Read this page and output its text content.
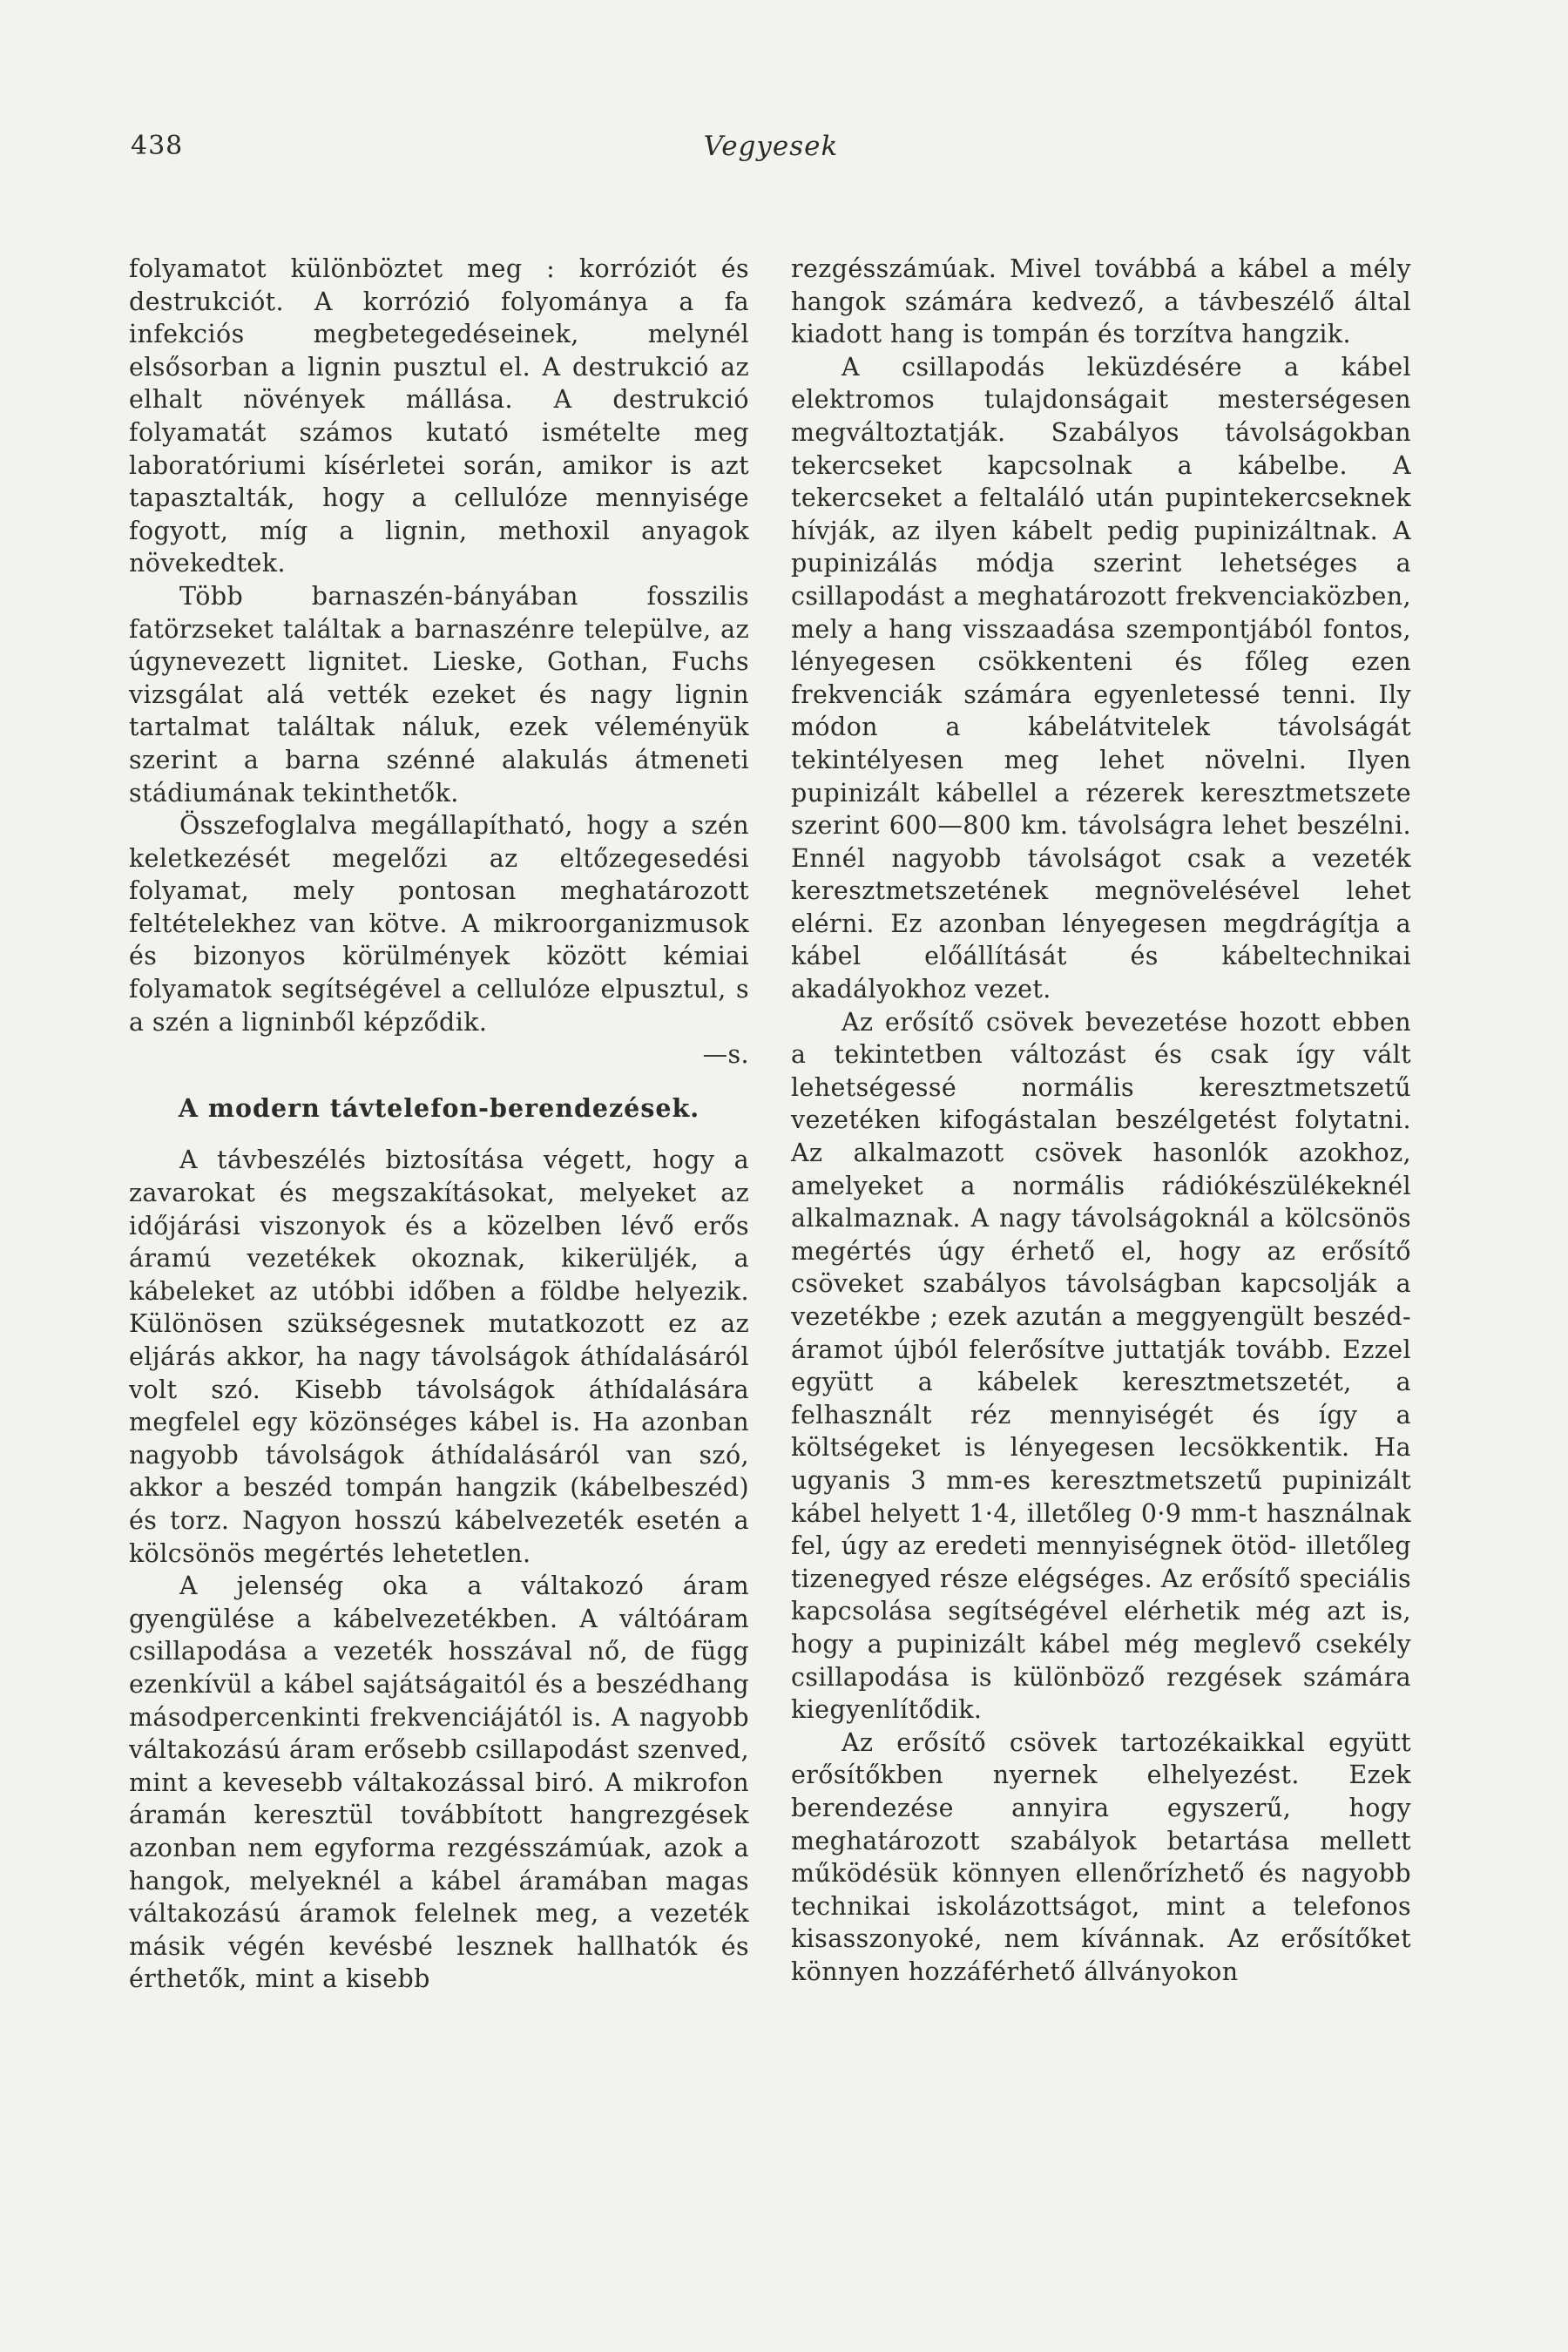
438	Vegyesek

folyamatot különböztet meg : korróziót és destrukciót. A korrózió folyománya a fa infekciós megbetegedéseinek, melynél elsősorban a lignin pusztul el. A destrukció az elhalt növények mállása. A destrukció folyamatát számos kutató ismételte meg laboratóriumi kísérletei során, amikor is azt tapasztalták, hogy a cellulóze mennyisége fogyott, míg a lignin, methoxil anyagok növekedtek.

Több barnaszén-bányában fosszilis fatörzseket találtak a barnaszénre települve, az úgynevezett lignitet. Lieske, Gothan, Fuchs vizsgálat alá vették ezeket és nagy lignin tartalmat találtak náluk, ezek véleményük szerint a barna szénné alakulás átmeneti stádiumának tekinthetők.

Összefoglalva megállapítható, hogy a szén keletkezését megelőzi az eltőzegesedési folyamat, mely pontosan meghatározott feltételekhez van kötve. A mikroorganizmusok és bizonyos körülmények között kémiai folyamatok segítségével a cellulóze elpusztul, s a szén a ligninből képződik.

—s.

A modern távtelefon-berendezések.

A távbeszélés biztosítása végett, hogy a zavarokat és megszakításokat, melyeket az időjárási viszonyok és a közelben lévő erős áramú vezetékek okoznak, kikerüljék, a kábeleket az utóbbi időben a földbe helyezik. Különösen szükségesnek mutatkozott ez az eljárás akkor, ha nagy távolságok áthídalásáról volt szó. Kisebb távolságok áthídalására megfelel egy közönséges kábel is. Ha azonban nagyobb távolságok áthídalásáról van szó, akkor a beszéd tompán hangzik (kábelbeszéd) és torz. Nagyon hosszú kábelvezeték esetén a kölcsönös megértés lehetetlen.

A jelenség oka a váltakozó áram gyengülése a kábelvezetékben. A váltóáram csillapodása a vezeték hosszával nő, de függ ezenkívül a kábel sajátságaitól és a beszédhang másodpercenkinti frekvenciájától is. A nagyobb váltakozású áram erősebb csillapodást szenved, mint a kevesebb váltakozással biró. A mikrofon áramán keresztül továbbított hangrezgések azonban nem egyforma rezgésszámúak, azok a hangok, melyeknél a kábel áramában magas váltakozású áramok felelnek meg, a vezeték másik végén kevésbé lesznek hallhatók és érthetők, mint a kisebb

rezgésszámúak. Mivel továbbá a kábel a mély hangok számára kedvező, a távbeszélő által kiadott hang is tompán és torzítva hangzik.

A csillapodás leküzdésére a kábel elektromos tulajdonságait mesterségesen megváltoztatják. Szabályos távolságokban tekercseket kapcsolnak a kábelbe. A tekercseket a feltaláló után pupintekercseknek hívják, az ilyen kábelt pedig pupinizáltnak. A pupinizálás módja szerint lehetséges a csillapodást a meghatározott frekvenciaközben, mely a hang visszaadása szempontjából fontos, lényegesen csökkenteni és főleg ezen frekvenciák számára egyenletessé tenni. Ily módon a kábelátvitelek távolságát tekintélyesen meg lehet növelni. Ilyen pupinizált kábellel a rézerek keresztmetszete szerint 600—800 km. távolságra lehet beszélni. Ennél nagyobb távolságot csak a vezeték keresztmetszetének megnövelésével lehet elérni. Ez azonban lényegesen megdrágítja a kábel előállítását és kábeltechnikai akadályokhoz vezet.

Az erősítő csövek bevezetése hozott ebben a tekintetben változást és csak így vált lehetségessé normális keresztmetszetű vezetéken kifogástalan beszélgetést folytatni. Az alkalmazott csövek hasonlók azokhoz, amelyeket a normális rádiókészülékeknél alkalmaznak. A nagy távolságoknál a kölcsönös megértés úgy érhető el, hogy az erősítő csöveket szabályos távolságban kapcsolják a vezetékbe ; ezek azután a meggyengült beszéd-áramot újból felerősítve juttatják tovább. Ezzel együtt a kábelek keresztmetszetét, a felhasznált réz mennyiségét és így a költségeket is lényegesen lecsökkentik. Ha ugyanis 3 mm-es keresztmetszetű pupinizált kábel helyett 1·4, illetőleg 0·9 mm-t használnak fel, úgy az eredeti mennyiségnek ötöd- illetőleg tizenegyed része elégséges. Az erősítő speciális kapcsolása segítségével elérhetik még azt is, hogy a pupinizált kábel még meglevő csekély csillapodása is különböző rezgések számára kiegyenlítődik.

Az erősítő csövek tartozékaikkal együtt erősítőkben nyernek elhelyezést. Ezek berendezése annyira egyszerű, hogy meghatározott szabályok betartása mellett működésük könnyen ellenőrízhető és nagyobb technikai iskolázottságot, mint a telefonos kisasszonyoké, nem kívánnak. Az erősítőket könnyen hozzáférhető állványokon
